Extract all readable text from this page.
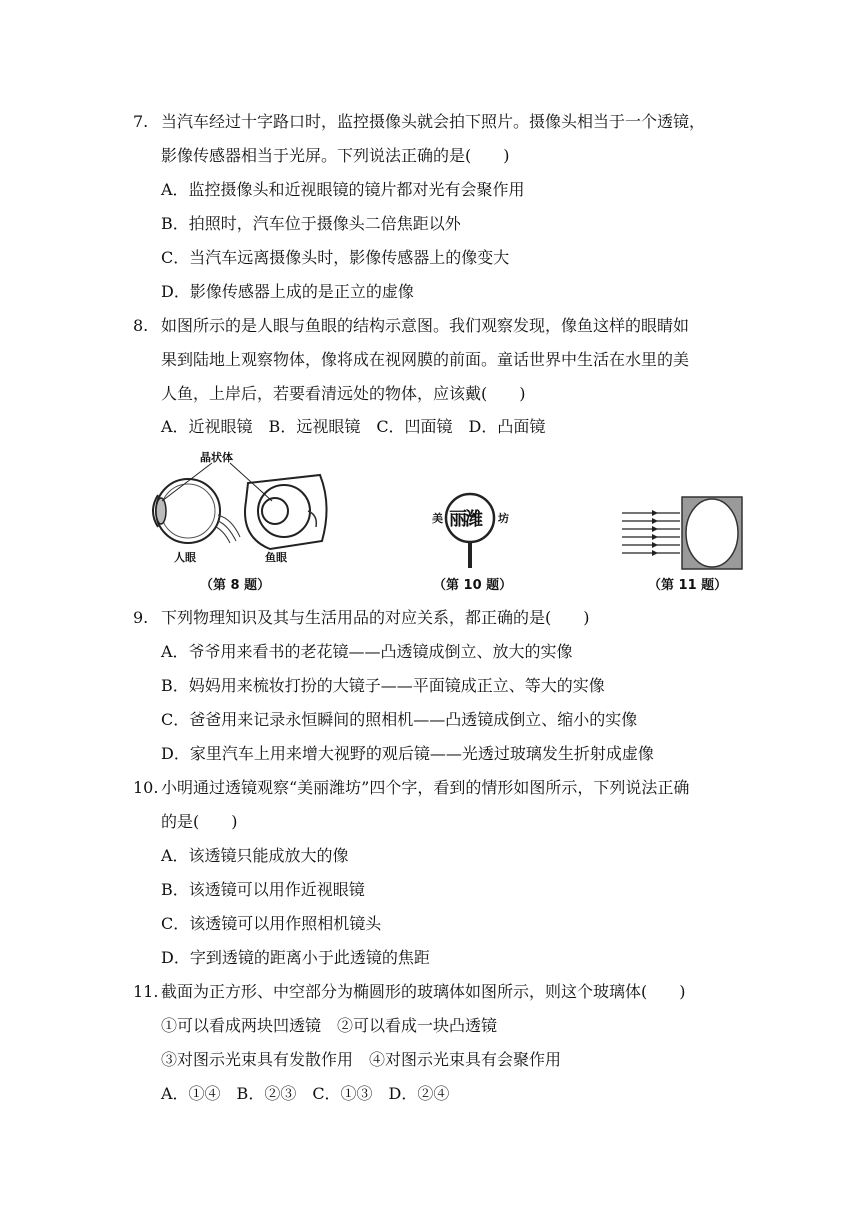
7. 当汽车经过十字路口时，监控摄像头就会拍下照片。摄像头相当于一个透镜，
影像传感器相当于光屏。下列说法正确的是(　　)
A．监控摄像头和近视眼镜的镜片都对光有会聚作用
B．拍照时，汽车位于摄像头二倍焦距以外
C．当汽车远离摄像头时，影像传感器上的像变大
D．影像传感器上成的是正立的虚像
8. 如图所示的是人眼与鱼眼的结构示意图。我们观察发现，像鱼这样的眼睛如
果到陆地上观察物体，像将成在视网膜的前面。童话世界中生活在水里的美
人鱼，上岸后，若要看清远处的物体，应该戴(　　)
A．近视眼镜　B．远视眼镜　C．凹面镜　D．凸面镜
晶状体
人眼	鱼眼
（第 8 题）
美 丽潍 坊
（第 10 题）	（第 11 题）
9. 下列物理知识及其与生活用品的对应关系，都正确的是(　　)
A．爷爷用来看书的老花镜——凸透镜成倒立、放大的实像
B．妈妈用来梳妆打扮的大镜子——平面镜成正立、等大的实像
C．爸爸用来记录永恒瞬间的照相机——凸透镜成倒立、缩小的实像
D．家里汽车上用来增大视野的观后镜——光透过玻璃发生折射成虚像
10. 小明通过透镜观察“美丽潍坊”四个字，看到的情形如图所示，下列说法正确
的是(　　)
A．该透镜只能成放大的像
B．该透镜可以用作近视眼镜
C．该透镜可以用作照相机镜头
D．字到透镜的距离小于此透镜的焦距
11. 截面为正方形、中空部分为椭圆形的玻璃体如图所示，则这个玻璃体(　　)
①可以看成两块凹透镜　②可以看成一块凸透镜
③对图示光束具有发散作用　④对图示光束具有会聚作用
A．①④　B．②③　C．①③　D．②④
